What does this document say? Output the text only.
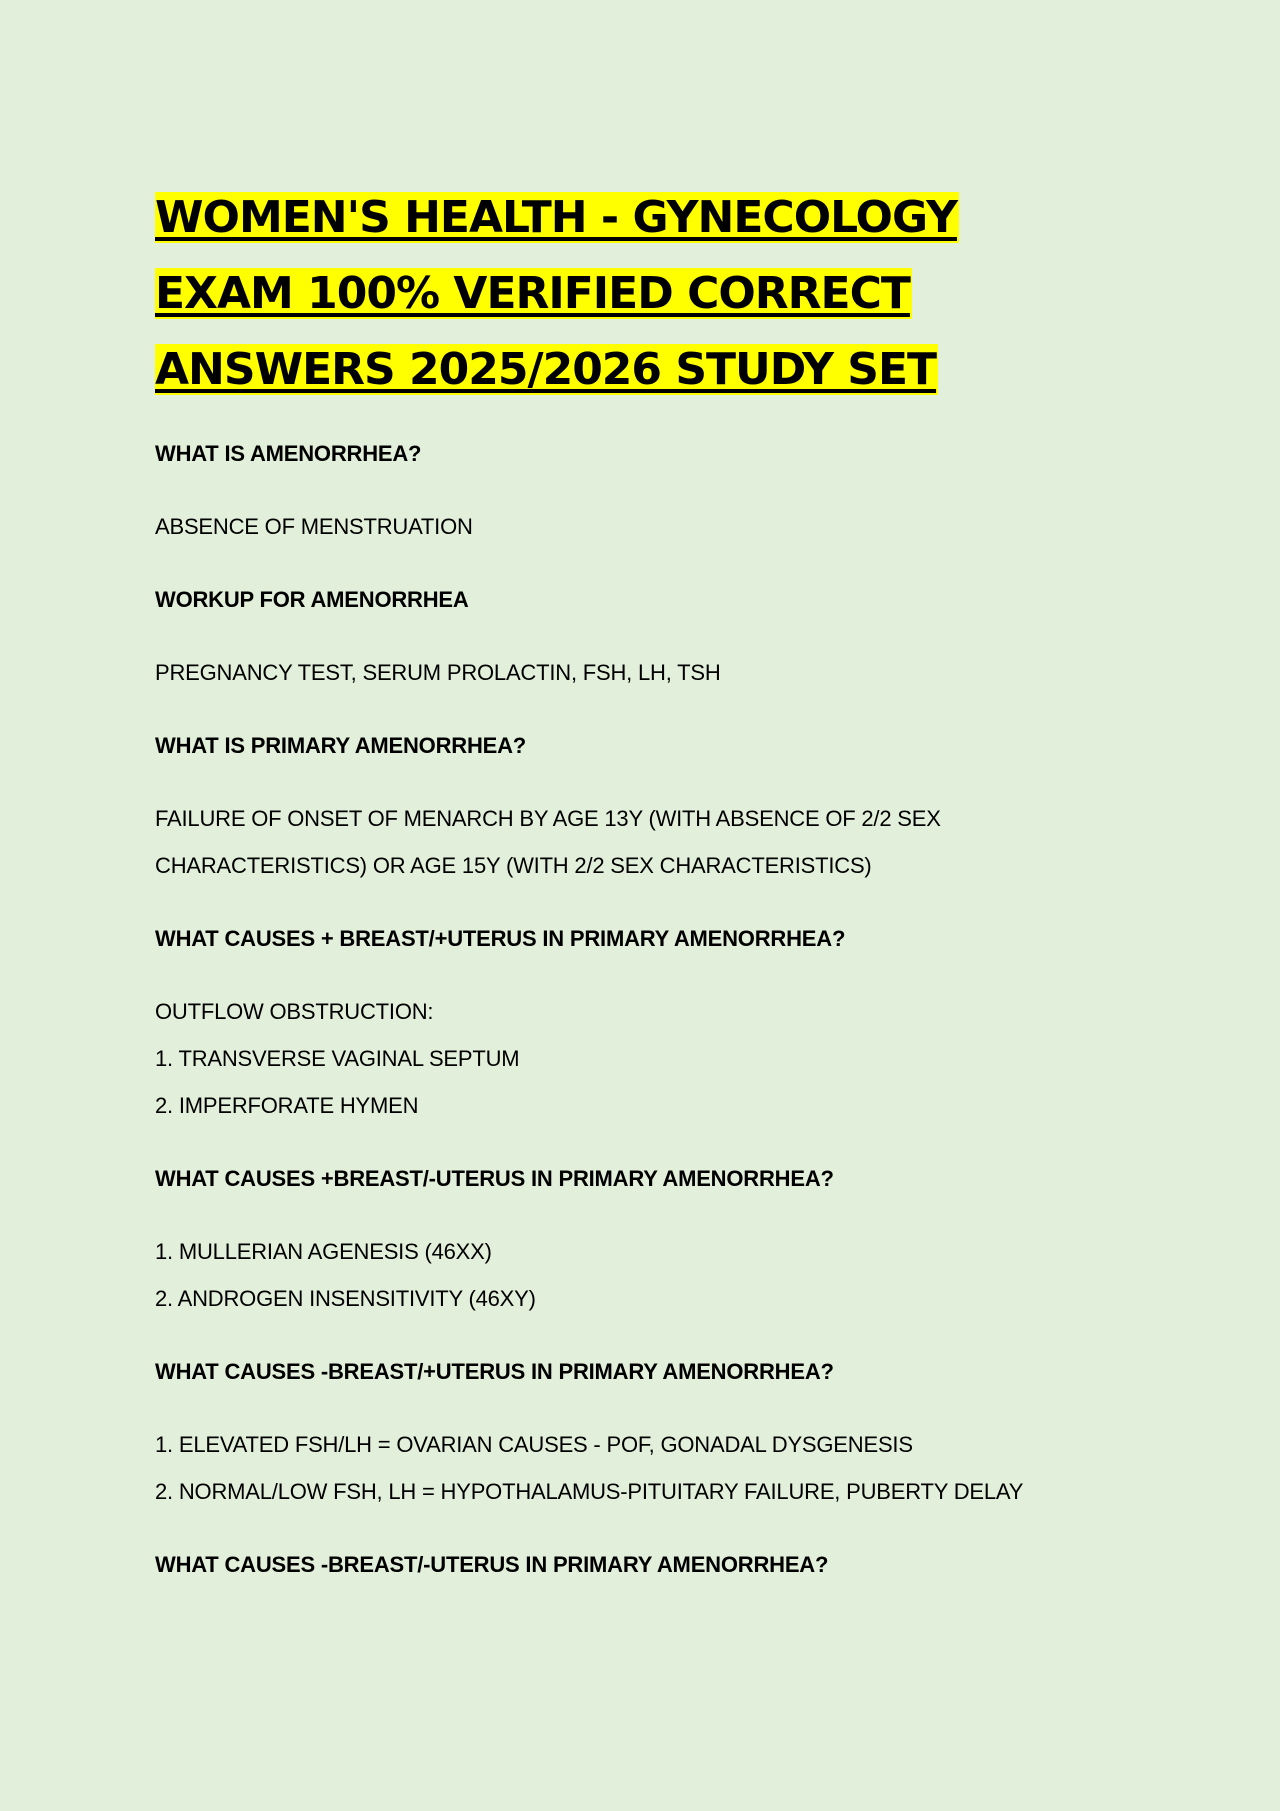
WOMEN'S HEALTH - GYNECOLOGY
EXAM 100% VERIFIED CORRECT
ANSWERS 2025/2026 STUDY SET

WHAT IS AMENORRHEA?

ABSENCE OF MENSTRUATION

WORKUP FOR AMENORRHEA

PREGNANCY TEST, SERUM PROLACTIN, FSH, LH, TSH

WHAT IS PRIMARY AMENORRHEA?

FAILURE OF ONSET OF MENARCH BY AGE 13Y (WITH ABSENCE OF 2/2 SEX
CHARACTERISTICS) OR AGE 15Y (WITH 2/2 SEX CHARACTERISTICS)

WHAT CAUSES + BREAST/+UTERUS IN PRIMARY AMENORRHEA?

OUTFLOW OBSTRUCTION:
1. TRANSVERSE VAGINAL SEPTUM
2. IMPERFORATE HYMEN

WHAT CAUSES +BREAST/-UTERUS IN PRIMARY AMENORRHEA?

1. MULLERIAN AGENESIS (46XX)
2. ANDROGEN INSENSITIVITY (46XY)

WHAT CAUSES -BREAST/+UTERUS IN PRIMARY AMENORRHEA?

1. ELEVATED FSH/LH = OVARIAN CAUSES - POF, GONADAL DYSGENESIS
2. NORMAL/LOW FSH, LH = HYPOTHALAMUS-PITUITARY FAILURE, PUBERTY DELAY

WHAT CAUSES -BREAST/-UTERUS IN PRIMARY AMENORRHEA?
